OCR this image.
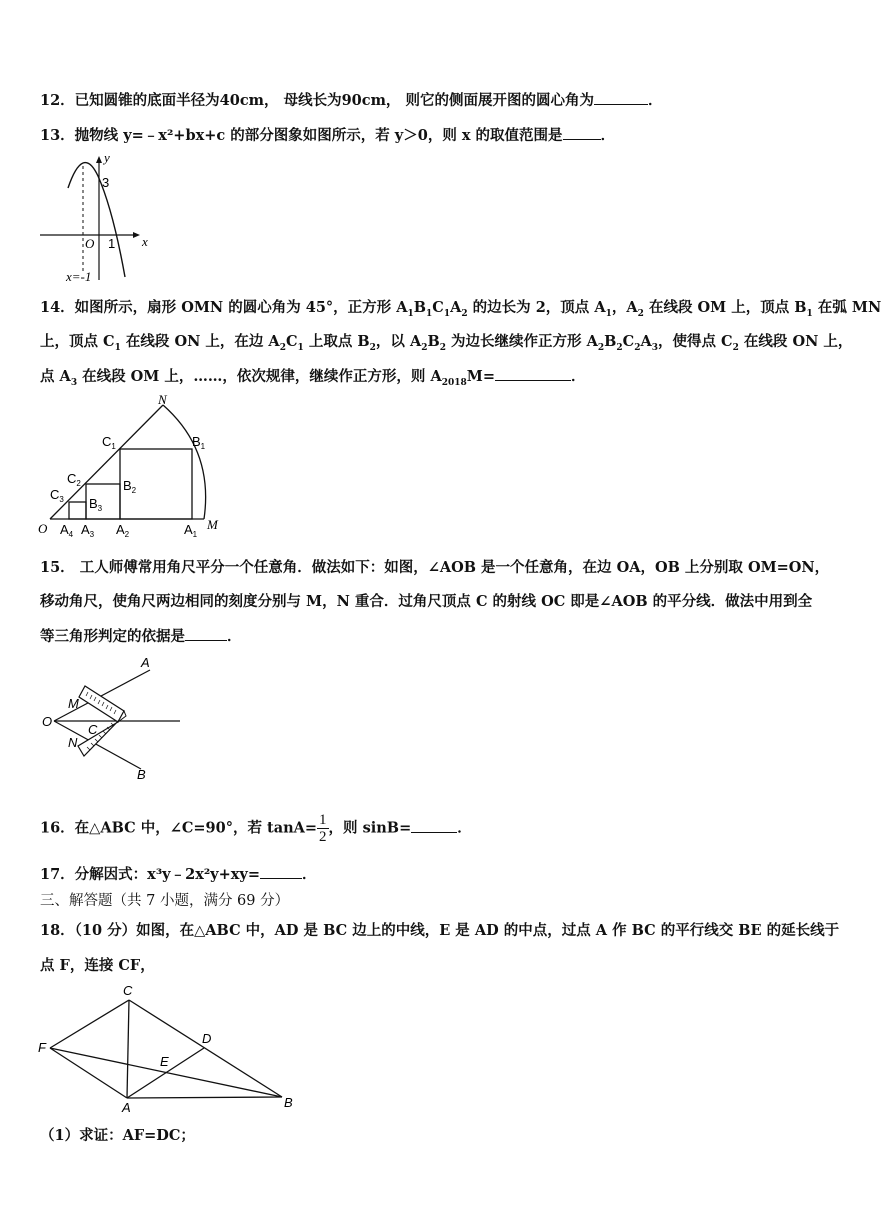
12．已知圆锥的底面半径为40cm， 母线长为90cm， 则它的侧面展开图的圆心角为	．
13．抛物线 y=﹣x²+bx+c 的部分图象如图所示，若 y＞0，则 x 的取值范围是	．
y
x
O
3
1
x=-1
14．如图所示，扇形 OMN 的圆心角为 45°，正方形 $A_1B_1C_1A_2$ 的边长为 2，顶点 $A_1$，$A_2$ 在线段 OM 上，顶点 $B_1$ 在弧 MN
上，顶点 $C_1$ 在线段 ON 上，在边 $A_2C_1$ 上取点 $B_2$，以 $A_2B_2$ 为边长继续作正方形 $A_2B_2C_2A_3$，使得点 $C_2$ 在线段 ON 上，
点 $A_3$ 在线段 OM 上，……，依次规律，继续作正方形，则 $A_{2018}M=$	．
N
M
O
$C_1$	$B_1$
$C_2$	$B_2$
$C_3$ $B_3$
$A_1$
$A_2$
$A_3$
$A_4$
15． 工人师傅常用角尺平分一个任意角．做法如下：如图，∠AOB 是一个任意角，在边 OA，OB 上分别取 OM=ON，
移动角尺，使角尺两边相同的刻度分别与 M，N 重合．过角尺顶点 C 的射线 OC 即是∠AOB 的平分线．做法中用到全
等三角形判定的依据是	．
A
B
O
M
N
C
16．在△ABC 中，∠C=90°，若 $\tan A= \frac{1}{2}$ ，则 sinB=	．
17．分解因式：x³y﹣2x²y+xy=	．
三、解答题（共 7 小题，满分 69 分）
18．（10 分）如图，在△ABC 中，AD 是 BC 边上的中线，E 是 AD 的中点，过点 A 作 BC 的平行线交 BE 的延长线于
点 F，连接 CF，
C
F
D
E
A	B
（1）求证：AF=DC；
